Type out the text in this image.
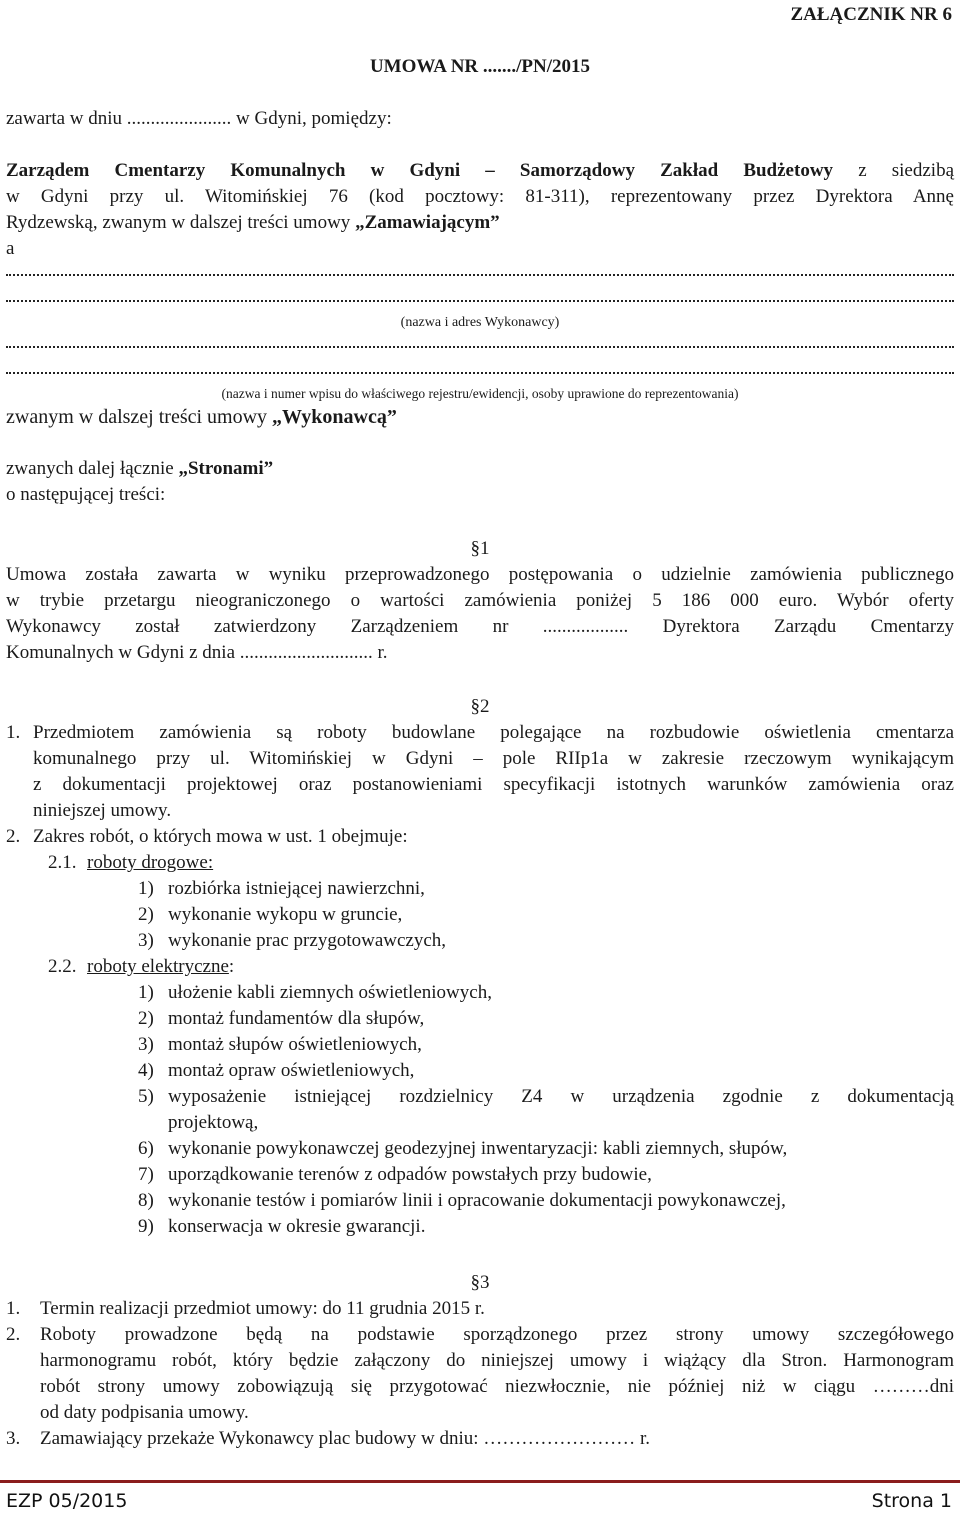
ZAŁĄCZNIK NR 6
UMOWA NR ......./PN/2015
zawarta w dniu ...................... w Gdyni, pomiędzy:
Zarządem Cmentarzy Komunalnych w Gdyni – Samorządowy Zakład Budżetowy z siedzibą
w Gdyni przy ul. Witomińskiej 76 (kod pocztowy: 81-311), reprezentowany przez Dyrektora Annę
Rydzewską, zwanym w dalszej treści umowy „Zamawiającym”
a
(nazwa i adres Wykonawcy)
(nazwa i numer wpisu do właściwego rejestru/ewidencji, osoby uprawione do reprezentowania)
zwanym w dalszej treści umowy „Wykonawcą”
zwanych dalej łącznie „Stronami”
o następującej treści:
§1
Umowa została zawarta w wyniku przeprowadzonego postępowania o udzielnie zamówienia publicznego
w trybie przetargu nieograniczonego o wartości zamówienia poniżej 5 186 000 euro. Wybór oferty
Wykonawcy został zatwierdzony Zarządzeniem nr .................. Dyrektora Zarządu Cmentarzy
Komunalnych w Gdyni z dnia ............................ r.
§2
1. Przedmiotem zamówienia są roboty budowlane polegające na rozbudowie oświetlenia cmentarza
komunalnego przy ul. Witomińskiej w Gdyni – pole RIIp1a w zakresie rzeczowym wynikającym
z dokumentacji projektowej oraz postanowieniami specyfikacji istotnych warunków zamówienia oraz
niniejszej umowy.
2. Zakres robót, o których mowa w ust. 1 obejmuje:
2.1. roboty drogowe:
1) rozbiórka istniejącej nawierzchni,
2) wykonanie wykopu w gruncie,
3) wykonanie prac przygotowawczych,
2.2. roboty elektryczne:
1) ułożenie kabli ziemnych oświetleniowych,
2) montaż fundamentów dla słupów,
3) montaż słupów oświetleniowych,
4) montaż opraw oświetleniowych,
5) wyposażenie istniejącej rozdzielnicy Z4 w urządzenia zgodnie z dokumentacją
projektową,
6) wykonanie powykonawczej geodezyjnej inwentaryzacji: kabli ziemnych, słupów,
7) uporządkowanie terenów z odpadów powstałych przy budowie,
8) wykonanie testów i pomiarów linii i opracowanie dokumentacji powykonawczej,
9) konserwacja w okresie gwarancji.
§3
1. Termin realizacji przedmiot umowy: do 11 grudnia 2015 r.
2. Roboty prowadzone będą na podstawie sporządzonego przez strony umowy szczegółowego
harmonogramu robót, który będzie załączony do niniejszej umowy i wiążący dla Stron. Harmonogram
robót strony umowy zobowiązują się przygotować niezwłocznie, nie później niż w ciągu ………dni
od daty podpisania umowy.
3. Zamawiający przekaże Wykonawcy plac budowy w dniu: …………………… r.
EZP 05/2015	Strona 1
